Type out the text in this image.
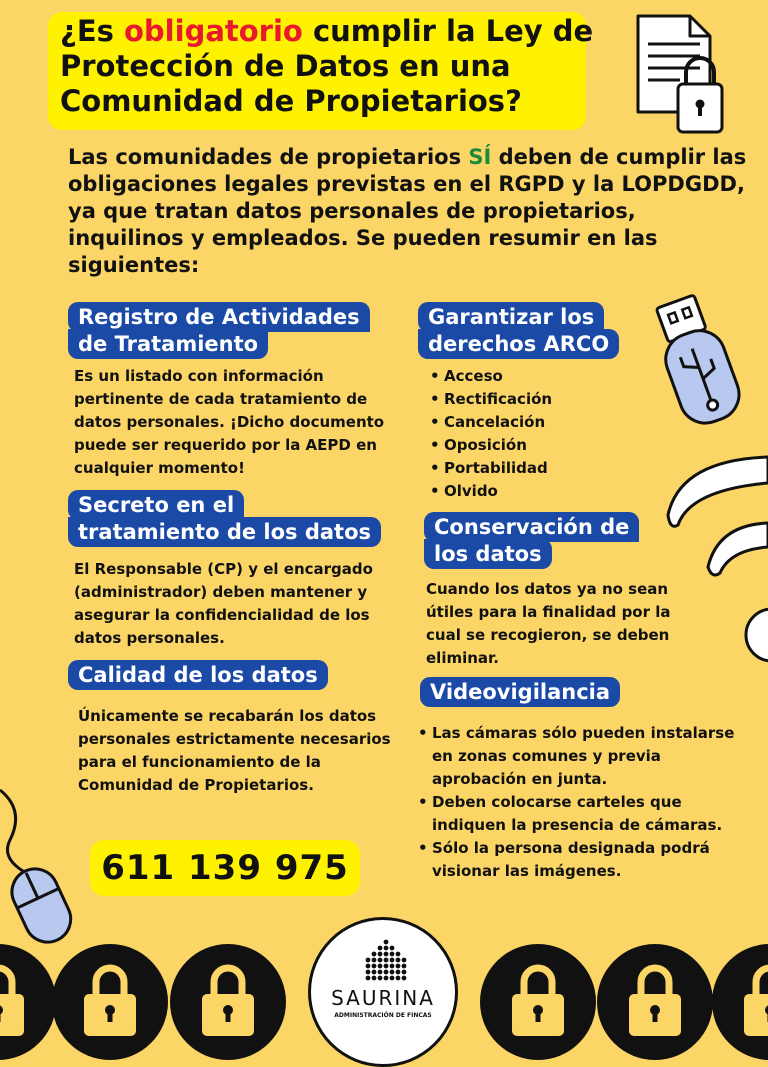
¿Es obligatorio cumplir la Ley de Protección de Datos en una Comunidad de Propietarios?
Las comunidades de propietarios SÍ deben de cumplir las obligaciones legales previstas en el RGPD y la LOPDGDD, ya que tratan datos personales de propietarios, inquilinos y empleados. Se pueden resumir en las siguientes:
Registro de Actividades
de Tratamiento
Es un listado con información pertinente de cada tratamiento de datos personales. ¡Dicho documento puede ser requerido por la AEPD en cualquier momento!
Garantizar los
derechos ARCO
• Acceso
• Rectificación
• Cancelación
• Oposición
• Portabilidad
• Olvido
Secreto en el
tratamiento de los datos
El Responsable (CP) y el encargado (administrador) deben mantener y asegurar la confidencialidad de los datos personales.
Conservación de
los datos
Cuando los datos ya no sean útiles para la finalidad por la cual se recogieron, se deben eliminar.
Calidad de los datos
Únicamente se recabarán los datos personales estrictamente necesarios para el funcionamiento de la Comunidad de Propietarios.
Videovigilancia
• Las cámaras sólo pueden instalarse en zonas comunes y previa aprobación en junta.
• Deben colocarse carteles que indiquen la presencia de cámaras.
• Sólo la persona designada podrá visionar las imágenes.
611 139 975
SAURINA
ADMINISTRACIÓN DE FINCAS
